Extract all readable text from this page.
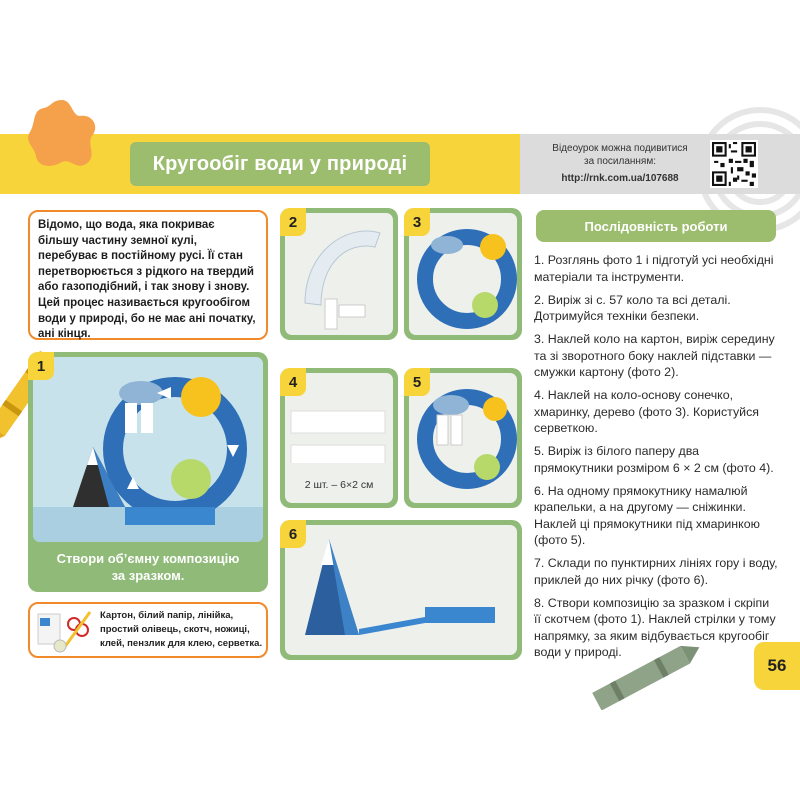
Кругообіг води у природі
Відеоурок можна подивитися
за посиланням:
http://rnk.com.ua/107688

Відомо, що вода, яка покриває більшу частину земної кулі, перебуває в постійному русі. Її стан перетворюється з рідкого на твердий або газоподібний, і так знову і знову. Цей процес називається кругообігом води у природі, бо не має анi початку, ані кінця.

1
Створи об’ємну композицію
за зразком.
2	3
4
2 шт. – 6×2 см
5
6

Картон, білий папір, лінійка, простий олівець, скотч, ножиці, клей, пензлик для клею, серветка.

Послідовність роботи
1. Розглянь фото 1 і підготуй усі необхідні матеріали та інструменти.
2. Виріж зі с. 57 коло та всі деталі. Дотримуйся техніки безпеки.
3. Наклей коло на картон, виріж середину та зі зворотного боку наклей підставки — смужки картону (фото 2).
4. Наклей на коло-основу сонечко, хмаринку, дерево (фото 3). Користуйся серветкою.
5. Виріж із білого паперу два прямокутники розміром 6 × 2 см (фото 4).
6. На одному прямокутнику намалюй крапельки, а на другому — сніжинки. Наклей ці прямокутники під хмаринкою (фото 5).
7. Склади по пунктирних лініях гору і воду, приклей до них річку (фото 6).
8. Створи композицію за зразком і скріпи її скотчем (фото 1). Наклей стрілки у тому напрямку, за яким відбувається кругообіг води у природі.
56
